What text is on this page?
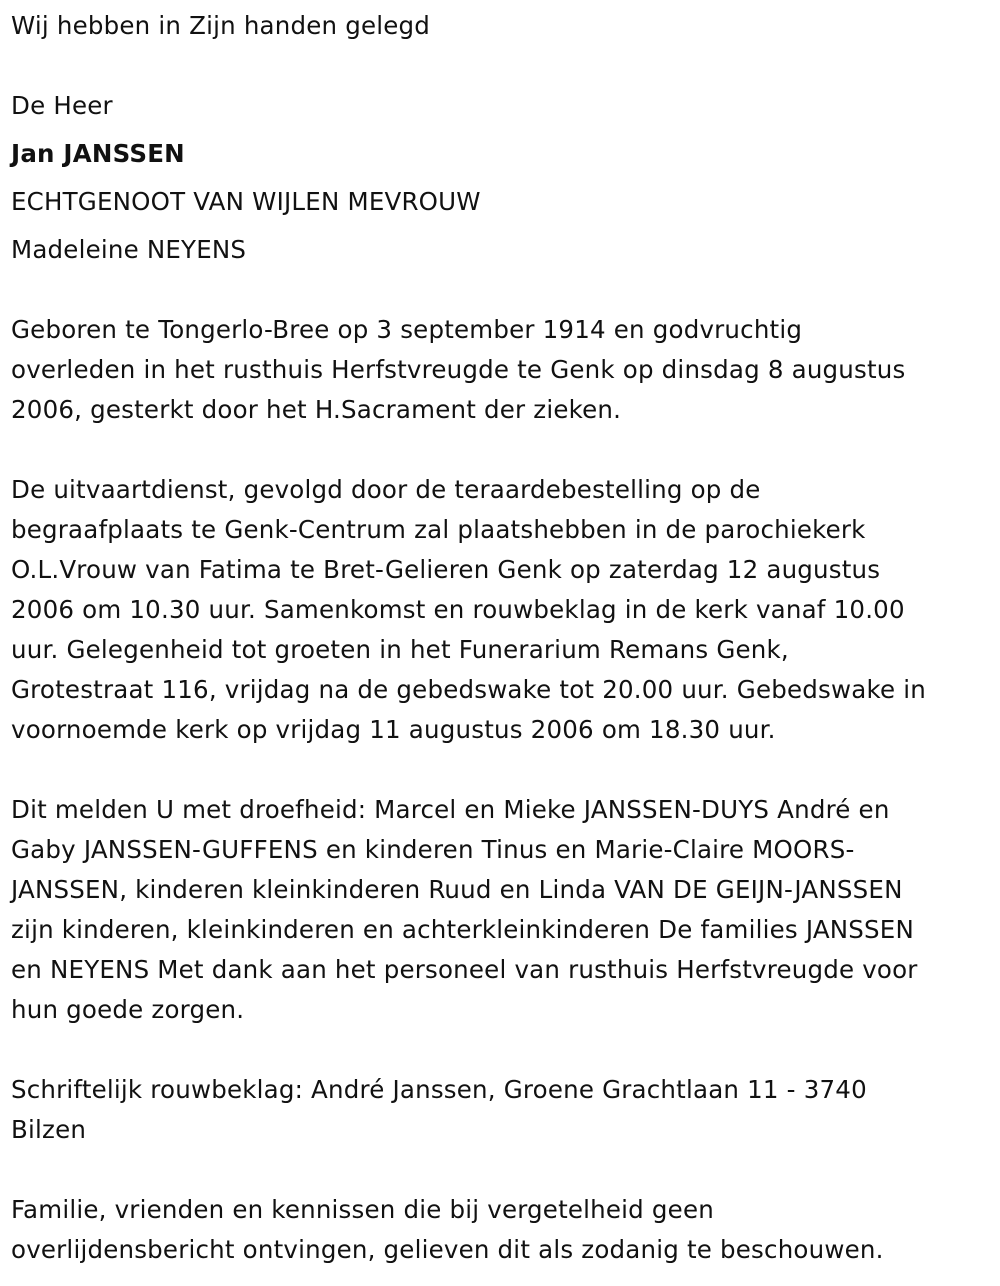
Wij hebben in Zijn handen gelegd
De Heer
Jan JANSSEN
ECHTGENOOT VAN WIJLEN MEVROUW
Madeleine NEYENS
Geboren te Tongerlo-Bree op 3 september 1914 en godvruchtig
overleden in het rusthuis Herfstvreugde te Genk op dinsdag 8 augustus
2006, gesterkt door het H.Sacrament der zieken.
De uitvaartdienst, gevolgd door de teraardebestelling op de
begraafplaats te Genk-Centrum zal plaatshebben in de parochiekerk
O.L.Vrouw van Fatima te Bret-Gelieren Genk op zaterdag 12 augustus
2006 om 10.30 uur. Samenkomst en rouwbeklag in de kerk vanaf 10.00
uur. Gelegenheid tot groeten in het Funerarium Remans Genk,
Grotestraat 116, vrijdag na de gebedswake tot 20.00 uur. Gebedswake in
voornoemde kerk op vrijdag 11 augustus 2006 om 18.30 uur.
Dit melden U met droefheid: Marcel en Mieke JANSSEN-DUYS André en
Gaby JANSSEN-GUFFENS en kinderen Tinus en Marie-Claire MOORS-
JANSSEN, kinderen kleinkinderen Ruud en Linda VAN DE GEIJN-JANSSEN
zijn kinderen, kleinkinderen en achterkleinkinderen De families JANSSEN
en NEYENS Met dank aan het personeel van rusthuis Herfstvreugde voor
hun goede zorgen.
Schriftelijk rouwbeklag: André Janssen, Groene Grachtlaan 11 - 3740
Bilzen
Familie, vrienden en kennissen die bij vergetelheid geen
overlijdensbericht ontvingen, gelieven dit als zodanig te beschouwen.
